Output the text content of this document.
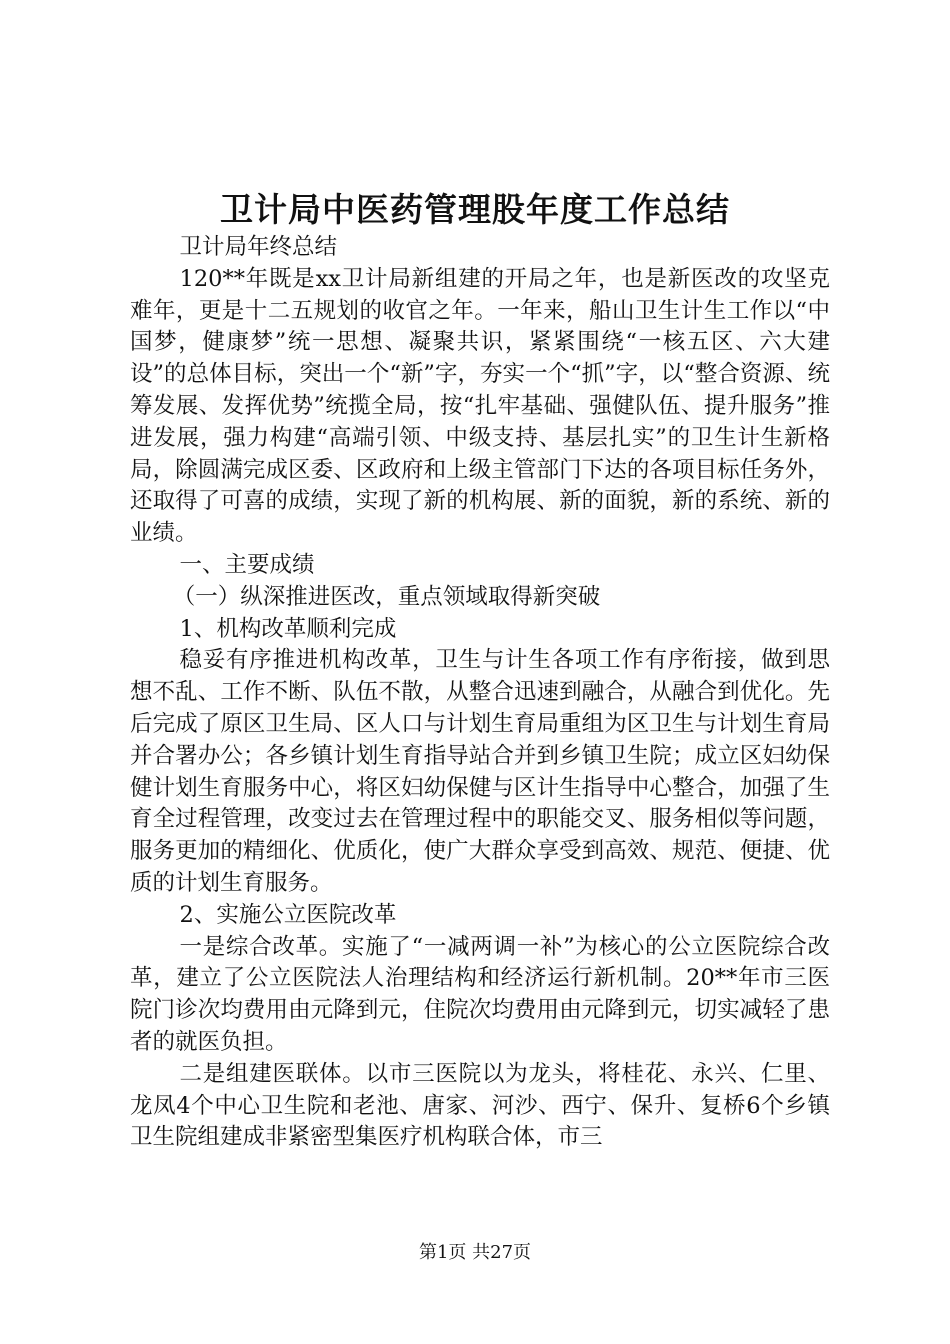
卫计局中医药管理股年度工作总结

卫计局年终总结

120**年既是xx卫计局新组建的开局之年，也是新医改的攻坚克难年，更是十二五规划的收官之年。一年来，船山卫生计生工作以“中国梦，健康梦”统一思想、凝聚共识，紧紧围绕“一核五区、六大建设”的总体目标，突出一个“新”字，夯实一个“抓”字，以“整合资源、统筹发展、发挥优势”统揽全局，按“扎牢基础、强健队伍、提升服务”推进发展，强力构建“高端引领、中级支持、基层扎实”的卫生计生新格局，除圆满完成区委、区政府和上级主管部门下达的各项目标任务外，还取得了可喜的成绩，实现了新的机构展、新的面貌，新的系统、新的业绩。

一、主要成绩

（一）纵深推进医改，重点领域取得新突破

1、机构改革顺利完成

稳妥有序推进机构改革，卫生与计生各项工作有序衔接，做到思想不乱、工作不断、队伍不散，从整合迅速到融合，从融合到优化。先后完成了原区卫生局、区人口与计划生育局重组为区卫生与计划生育局并合署办公；各乡镇计划生育指导站合并到乡镇卫生院；成立区妇幼保健计划生育服务中心，将区妇幼保健与区计生指导中心整合，加强了生育全过程管理，改变过去在管理过程中的职能交叉、服务相似等问题，服务更加的精细化、优质化，使广大群众享受到高效、规范、便捷、优质的计划生育服务。

2、实施公立医院改革

一是综合改革。实施了“一减两调一补”为核心的公立医院综合改革，建立了公立医院法人治理结构和经济运行新机制。20**年市三医院门诊次均费用由元降到元，住院次均费用由元降到元，切实减轻了患者的就医负担。

二是组建医联体。以市三医院以为龙头，将桂花、永兴、仁里、龙凤4个中心卫生院和老池、唐家、河沙、西宁、保升、复桥6个乡镇卫生院组建成非紧密型集医疗机构联合体，市三

第1页 共27页
